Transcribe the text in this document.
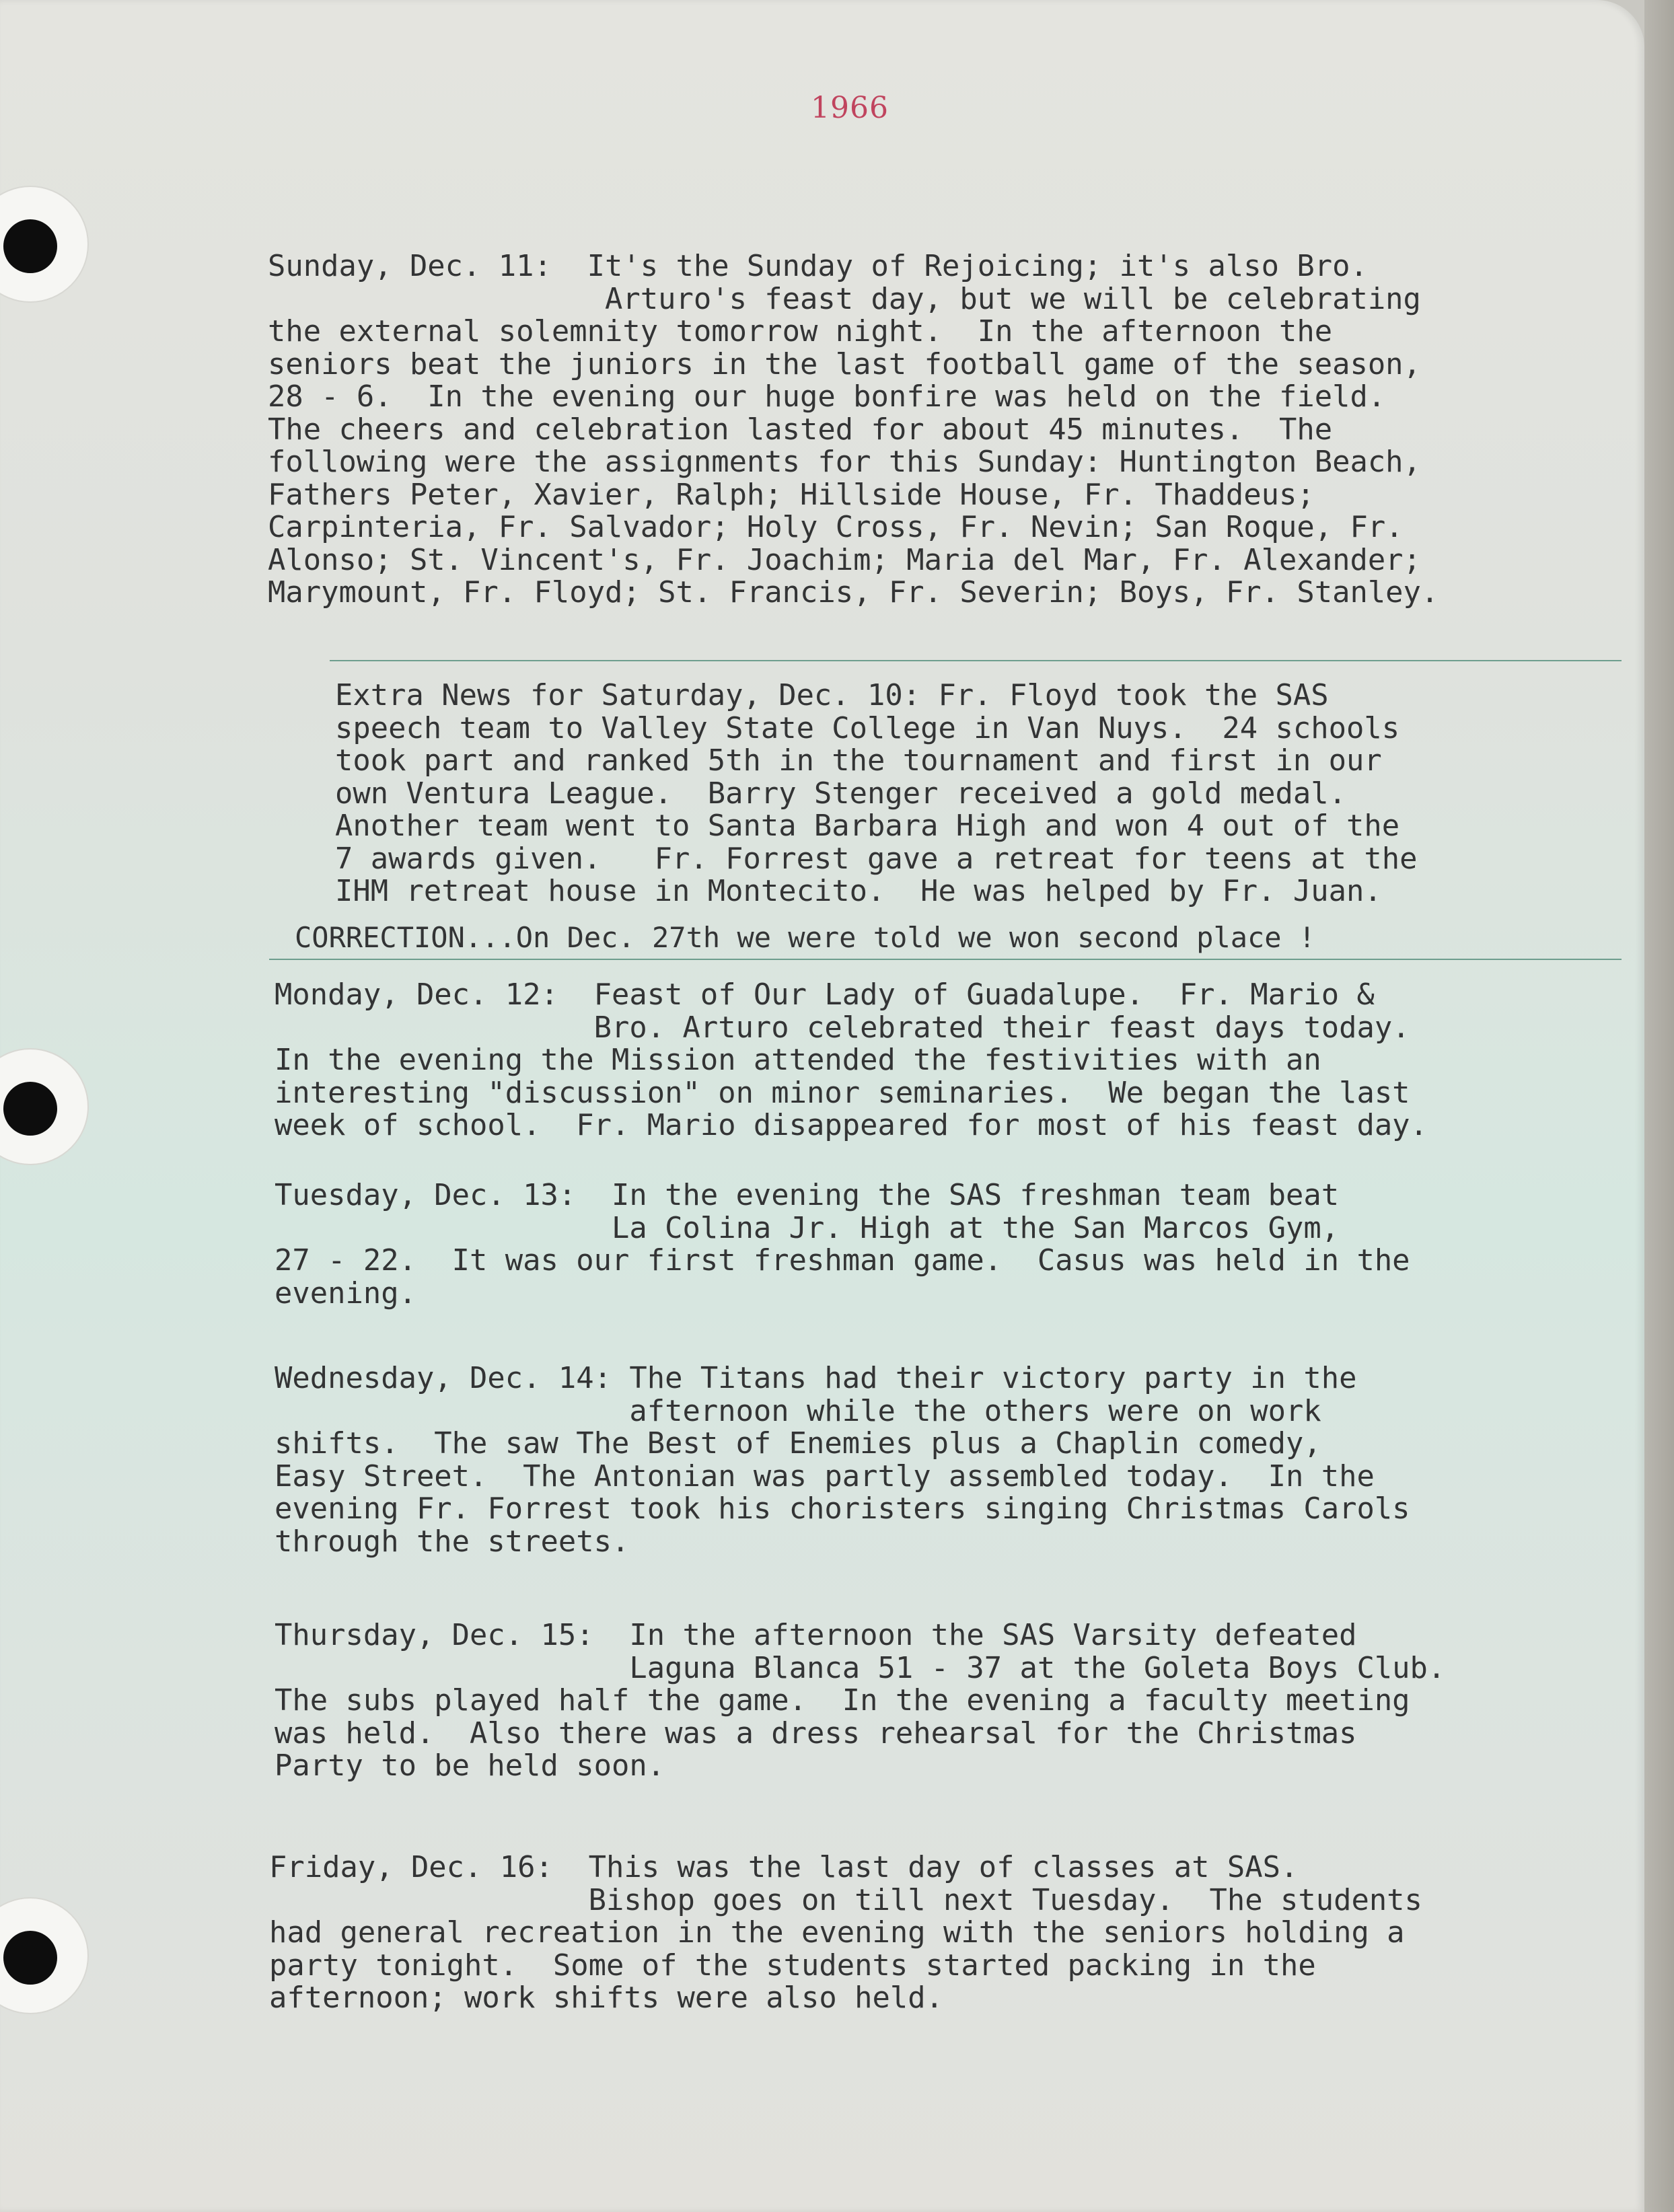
1966
Sunday, Dec. 11:  It's the Sunday of Rejoicing; it's also Bro.
Arturo's feast day, but we will be celebrating
the external solemnity tomorrow night.  In the afternoon the
seniors beat the juniors in the last football game of the season,
28 - 6.  In the evening our huge bonfire was held on the field.
The cheers and celebration lasted for about 45 minutes.  The
following were the assignments for this Sunday: Huntington Beach,
Fathers Peter, Xavier, Ralph; Hillside House, Fr. Thaddeus;
Carpinteria, Fr. Salvador; Holy Cross, Fr. Nevin; San Roque, Fr.
Alonso; St. Vincent's, Fr. Joachim; Maria del Mar, Fr. Alexander;
Marymount, Fr. Floyd; St. Francis, Fr. Severin; Boys, Fr. Stanley.
Extra News for Saturday, Dec. 10: Fr. Floyd took the SAS
speech team to Valley State College in Van Nuys.  24 schools
took part and ranked 5th in the tournament and first in our
own Ventura League.  Barry Stenger received a gold medal.
Another team went to Santa Barbara High and won 4 out of the
7 awards given.   Fr. Forrest gave a retreat for teens at the
IHM retreat house in Montecito.  He was helped by Fr. Juan.
CORRECTION...On Dec. 27th we were told we won second place !
Monday, Dec. 12:  Feast of Our Lady of Guadalupe.  Fr. Mario &
Bro. Arturo celebrated their feast days today.
In the evening the Mission attended the festivities with an
interesting "discussion" on minor seminaries.  We began the last
week of school.  Fr. Mario disappeared for most of his feast day.
Tuesday, Dec. 13:  In the evening the SAS freshman team beat
La Colina Jr. High at the San Marcos Gym,
27 - 22.  It was our first freshman game.  Casus was held in the
evening.
Wednesday, Dec. 14: The Titans had their victory party in the
afternoon while the others were on work
shifts.  The saw The Best of Enemies plus a Chaplin comedy,
Easy Street.  The Antonian was partly assembled today.  In the
evening Fr. Forrest took his choristers singing Christmas Carols
through the streets.
Thursday, Dec. 15:  In the afternoon the SAS Varsity defeated
Laguna Blanca 51 - 37 at the Goleta Boys Club.
The subs played half the game.  In the evening a faculty meeting
was held.  Also there was a dress rehearsal for the Christmas
Party to be held soon.
Friday, Dec. 16:  This was the last day of classes at SAS.
Bishop goes on till next Tuesday.  The students
had general recreation in the evening with the seniors holding a
party tonight.  Some of the students started packing in the
afternoon; work shifts were also held.
